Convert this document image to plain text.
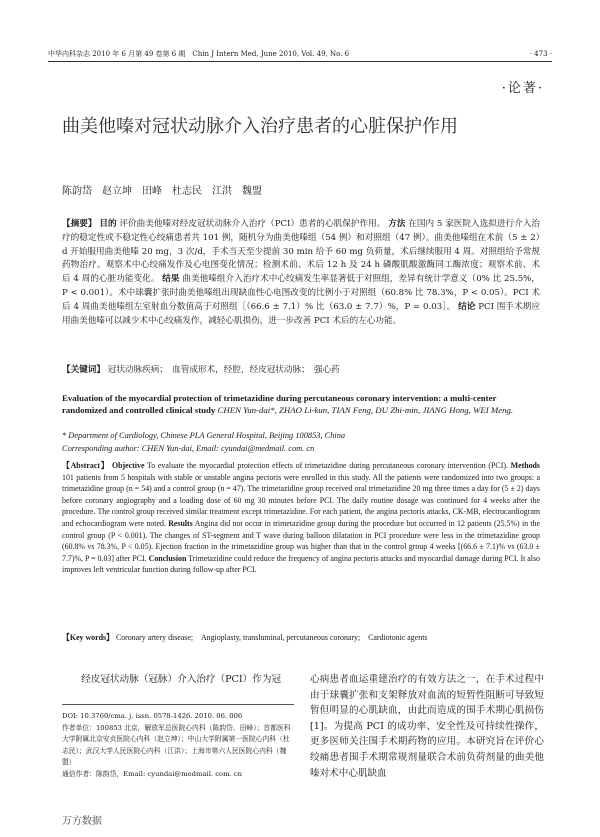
中华内科杂志 2010 年 6 月第 49 卷第 6 期　Chin J Intern Med, June 2010, Vol. 49, No. 6	· 473 ·
·论著·
曲美他嗪对冠状动脉介入治疗患者的心脏保护作用
陈韵岱　赵立坤　田峰　杜志民　江洪　魏盟
【摘要】 目的 评价曲美他嗪对经皮冠状动脉介入治疗（PCI）患者的心肌保护作用。 方法 在国内 5 家医院入选拟进行介入治疗的稳定性或不稳定性心绞痛患者共 101 例，随机分为曲美他嗪组（54 例）和对照组（47 例）。曲美他嗪组在术前（5 ± 2）d 开始服用曲美他嗪 20 mg，3 次/d，手术当天至少提前 30 min 给予 60 mg 负荷量，术后继续服用 4 周。对照组给予常规药物治疗。观察术中心绞痛发作及心电图变化情况；检测术前、术后 12 h 及 24 h 磷酸肌酸激酶同工酶浓度；观察术前、术后 4 周的心脏功能变化。 结果 曲美他嗪组介入治疗术中心绞痛发生率显著低于对照组，差异有统计学意义（0% 比 25.5%，P < 0.001）。术中球囊扩张时曲美他嗪组出现缺血性心电图改变的比例小于对照组（60.8% 比 78.3%，P < 0.05）。PCI 术后 4 周曲美他嗪组左室射血分数值高于对照组［（66.6 ± 7.1）% 比（63.0 ± 7.7）%，P = 0.03］。 结论 PCI 围手术期应用曲美他嗪可以减少术中心绞痛发作，减轻心肌损伤，进一步改善 PCI 术后的左心功能。
【关键词】 冠状动脉疾病；　血管成形术，经腔，经皮冠状动脉；　强心药
Evaluation of the myocardial protection of trimetazidine during percutaneous coronary intervention: a multi-center randomized and controlled clinical study CHEN Yun-dai*, ZHAO Li-kun, TIAN Feng, DU Zhi-min, JIANG Hong, WEI Meng.
* Department of Cardiology, Chinese PLA General Hospital, Beijing 100853, China
Corresponding author: CHEN Yun-dai, Email: cyundai@medmail. com. cn
【Abstract】 Objective To evaluate the myocardial protection effects of trimetazidine during percutaneous coronary intervention (PCI). Methods 101 patients from 5 hospitals with stable or unstable angina pectoris were enrolled in this study. All the patients were randomized into two groups: a trimetazidine group (n = 54) and a control group (n = 47). The trimetazidine group received oral trimetazidine 20 mg three times a day for (5 ± 2) days before coronary angiography and a loading dose of 60 mg 30 minutes before PCI. The daily routine dosage was continued for 4 weeks after the procedure. The control group received similar treatment except trimetazidine. For each patient, the angina pectoris attacks, CK-MB, electrocardiogram and echocardiogram were noted. Results Angina did not occur in trimetazidine group during the procedure but occurred in 12 patients (25.5%) in the control group (P < 0.001). The changes of ST-segment and T wave during balloon dilatation in PCI procedure were less in the trimetazidine group (60.8% vs 78.3%, P < 0.05). Ejection fraction in the trimetazidine group was higher than that in the control group 4 weeks [(66.6 ± 7.1)% vs (63.0 ± 7.7)%, P = 0.03] after PCI. Conclusion Trimetazidine could reduce the frequency of angina pectoris attacks and myocardial damage during PCI. It also improves left ventricular function during follow-up after PCI.
【Key words】 Coronary artery disease;　Angioplasty, transluminal, percutaneous coronary;　Cardiotonic agents
经皮冠状动脉（冠脉）介入治疗（PCI）作为冠
DOI: 10.3760/cma. j. issn. 0578-1426. 2010. 06. 006
作者单位：100853 北京，解放军总医院心内科（陈韵岱、田峰）；首都医科大学附属北京安贞医院心内科（赵立坤）；中山大学附属第一医院心内科（杜志民）；武汉大学人民医院心内科（江洪）；上海市第六人民医院心内科（魏盟）
通信作者：陈韵岱，Email: cyundai@medmail. com. cn
心病患者血运重建治疗的有效方法之一，在手术过程中由于球囊扩张和支架释放对血流的短暂性阻断可导致短暂但明显的心肌缺血，由此而造成的围手术期心肌损伤[1]。为提高 PCI 的成功率、安全性及可持续性操作，更多医师关注围手术期药物的应用。本研究旨在评价心绞痛患者围手术期常规剂量联合术前负荷剂量的曲美他嗪对术中心肌缺血
万方数据
